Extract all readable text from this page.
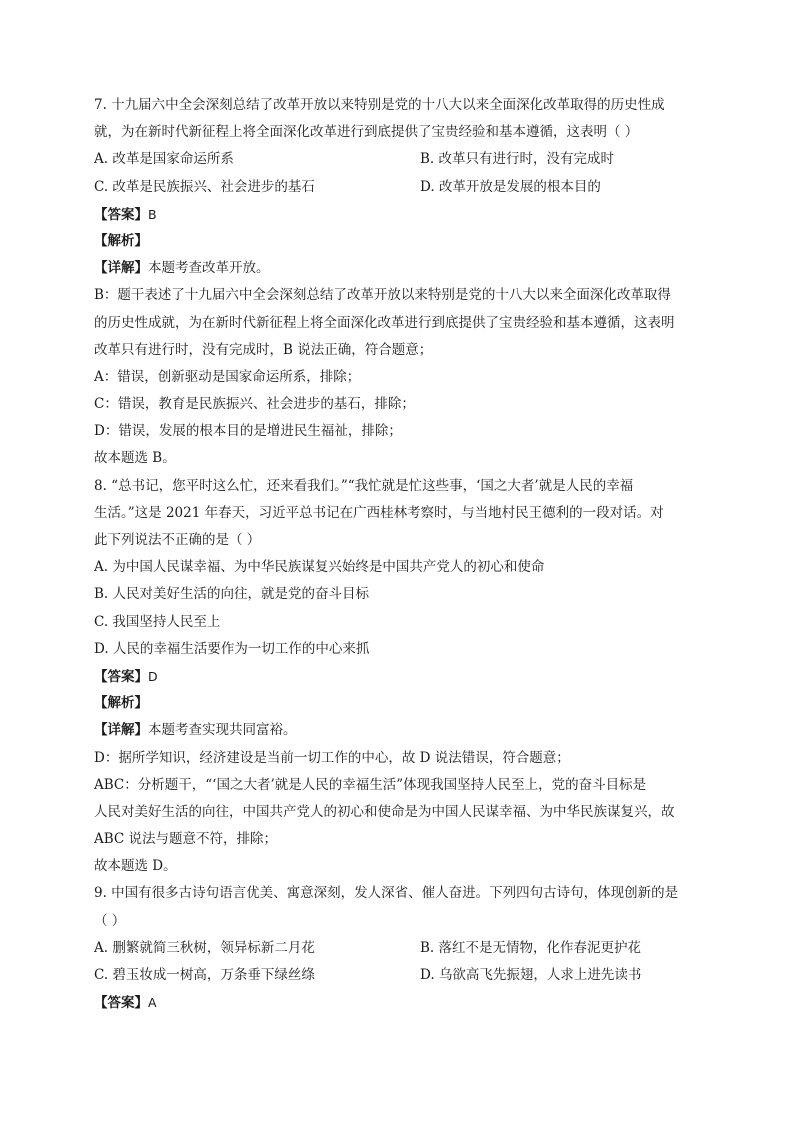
7. 十九届六中全会深刻总结了改革开放以来特别是党的十八大以来全面深化改革取得的历史性成
就，为在新时代新征程上将全面深化改革进行到底提供了宝贵经验和基本遵循，这表明（ ）
A. 改革是国家命运所系	B. 改革只有进行时，没有完成时
C. 改革是民族振兴、社会进步的基石	D. 改革开放是发展的根本目的
【答案】B
【解析】
【详解】本题考查改革开放。
B：题干表述了十九届六中全会深刻总结了改革开放以来特别是党的十八大以来全面深化改革取得
的历史性成就，为在新时代新征程上将全面深化改革进行到底提供了宝贵经验和基本遵循，这表明
改革只有进行时，没有完成时，B 说法正确，符合题意；
A：错误，创新驱动是国家命运所系，排除；
C：错误，教育是民族振兴、社会进步的基石，排除；
D：错误，发展的根本目的是增进民生福祉，排除；
故本题选 B。
8. “总书记，您平时这么忙，还来看我们。”“我忙就是忙这些事，‘国之大者’就是人民的幸福
生活。”这是 2021 年春天，习近平总书记在广西桂林考察时，与当地村民王德利的一段对话。对
此下列说法不正确的是（ ）
A. 为中国人民谋幸福、为中华民族谋复兴始终是中国共产党人的初心和使命
B. 人民对美好生活的向往，就是党的奋斗目标
C. 我国坚持人民至上
D. 人民的幸福生活要作为一切工作的中心来抓
【答案】D
【解析】
【详解】本题考查实现共同富裕。
D：据所学知识，经济建设是当前一切工作的中心，故 D 说法错误，符合题意；
ABC：分析题干，“‘国之大者’就是人民的幸福生活”体现我国坚持人民至上，党的奋斗目标是
人民对美好生活的向往，中国共产党人的初心和使命是为中国人民谋幸福、为中华民族谋复兴，故
ABC 说法与题意不符，排除；
故本题选 D。
9. 中国有很多古诗句语言优美、寓意深刻，发人深省、催人奋进。下列四句古诗句，体现创新的是
（ ）
A. 删繁就简三秋树，领异标新二月花	B. 落红不是无情物，化作春泥更护花
C. 碧玉妆成一树高，万条垂下绿丝绦	D. 乌欲高飞先振翅，人求上进先读书
【答案】A
